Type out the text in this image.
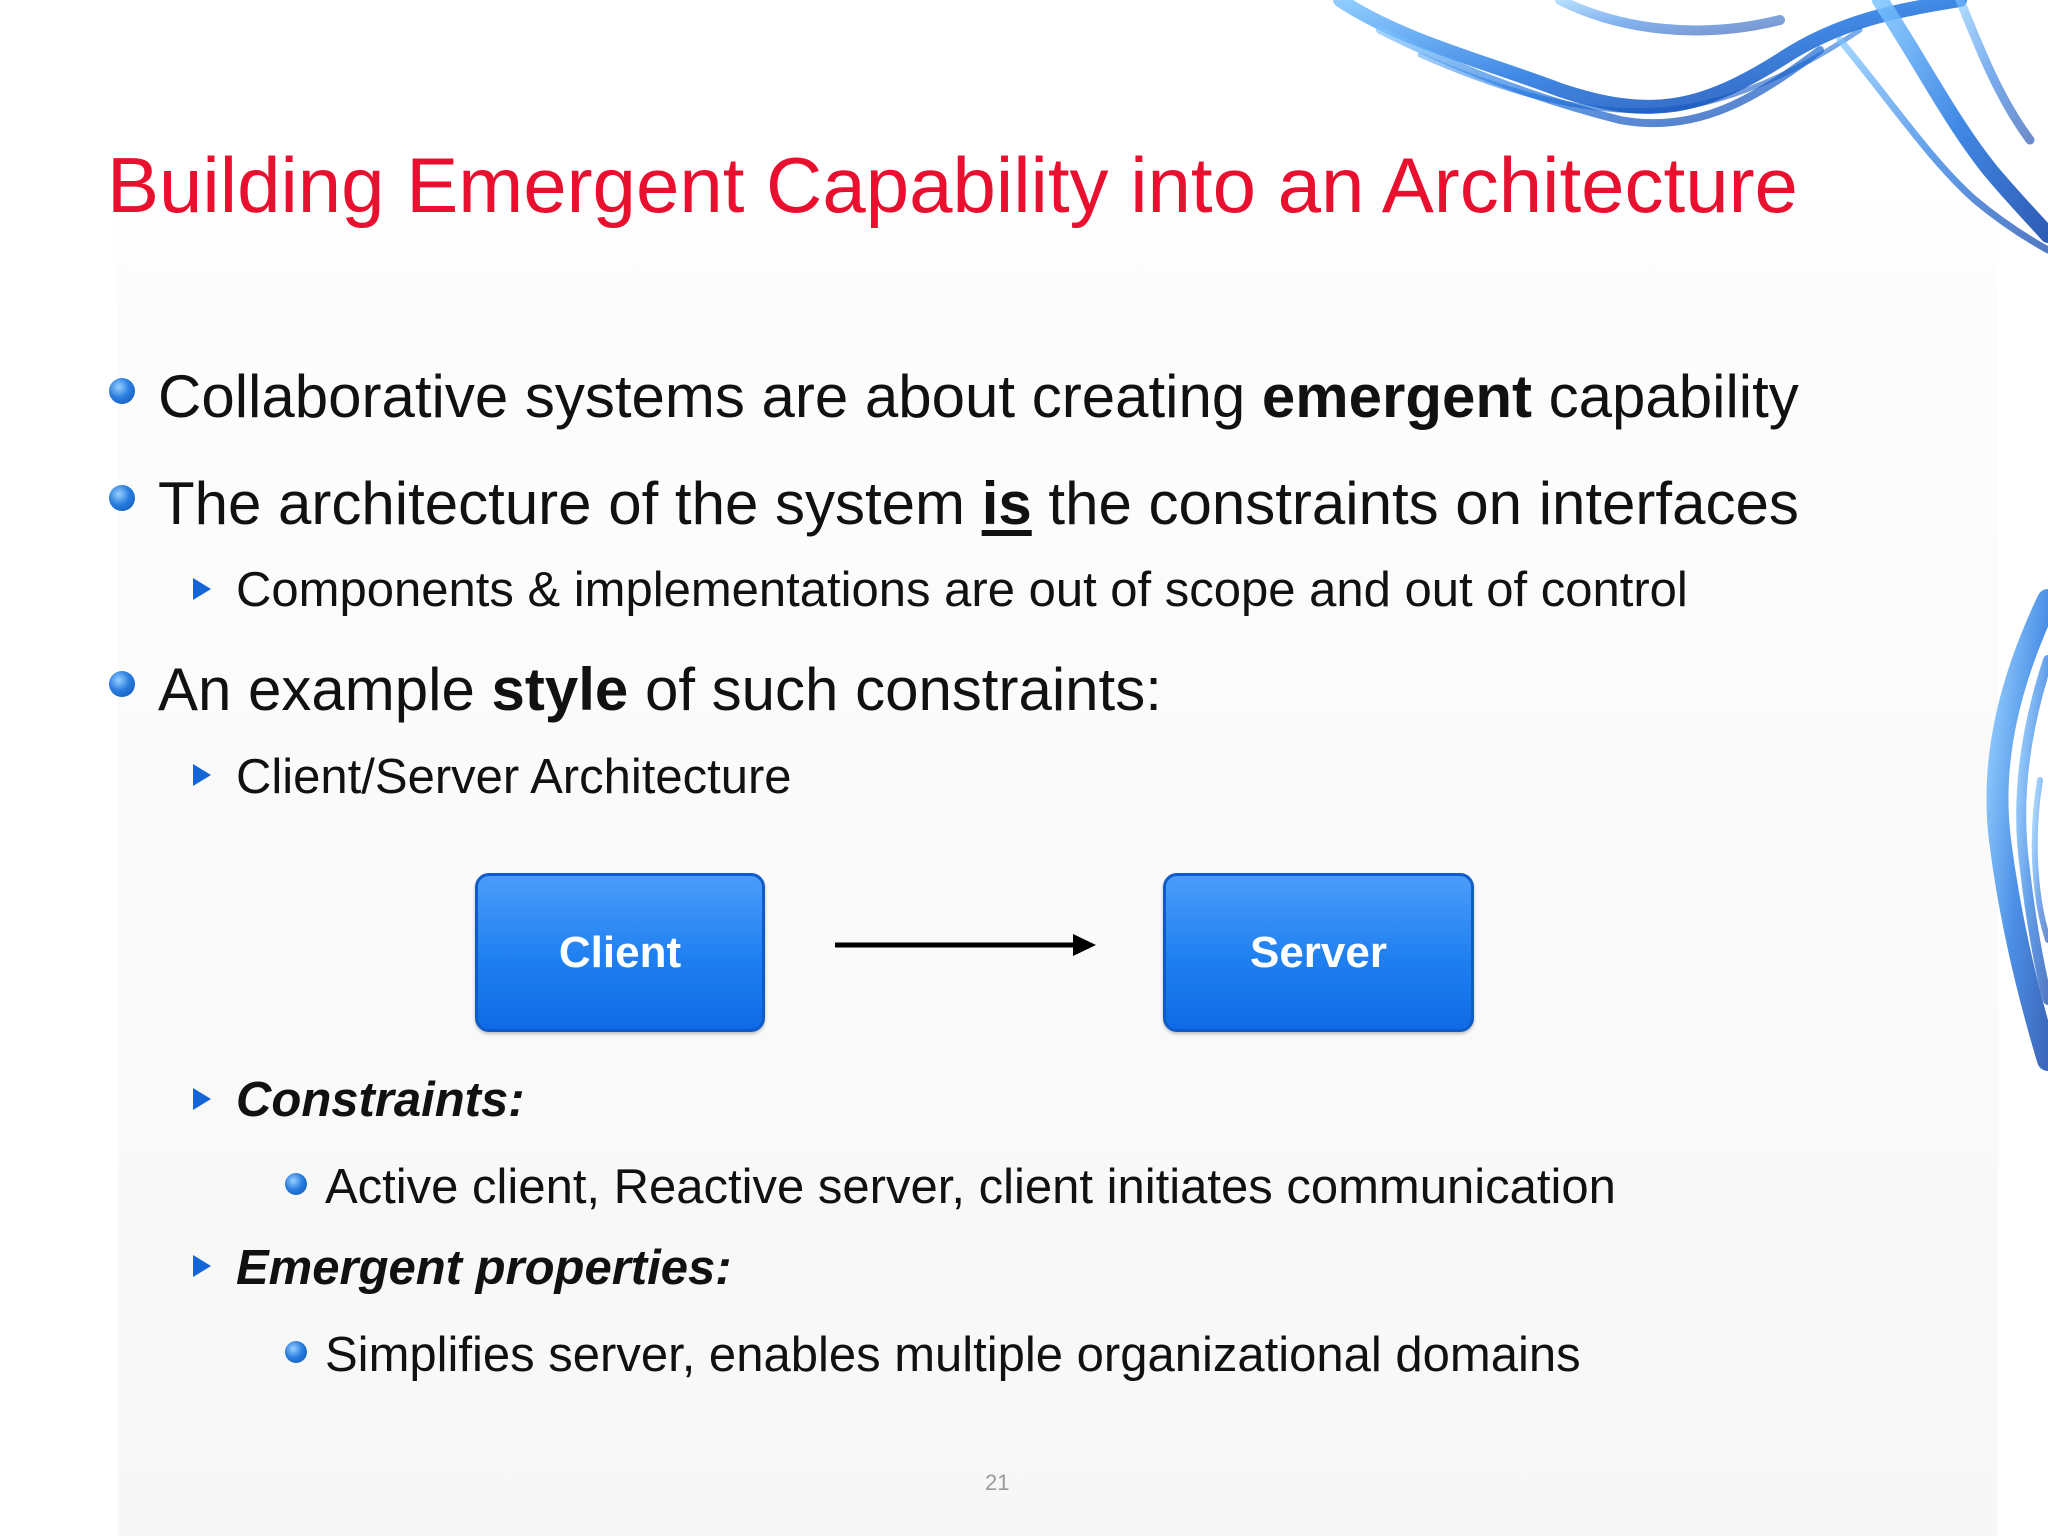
Building Emergent Capability into an Architecture
Collaborative systems are about creating emergent capability
The architecture of the system is the constraints on interfaces
Components & implementations are out of scope and out of control
An example style of such constraints:
Client/Server Architecture
Client	Server
Constraints:
Active client, Reactive server, client initiates communication
Emergent properties:
Simplifies server, enables multiple organizational domains
21
